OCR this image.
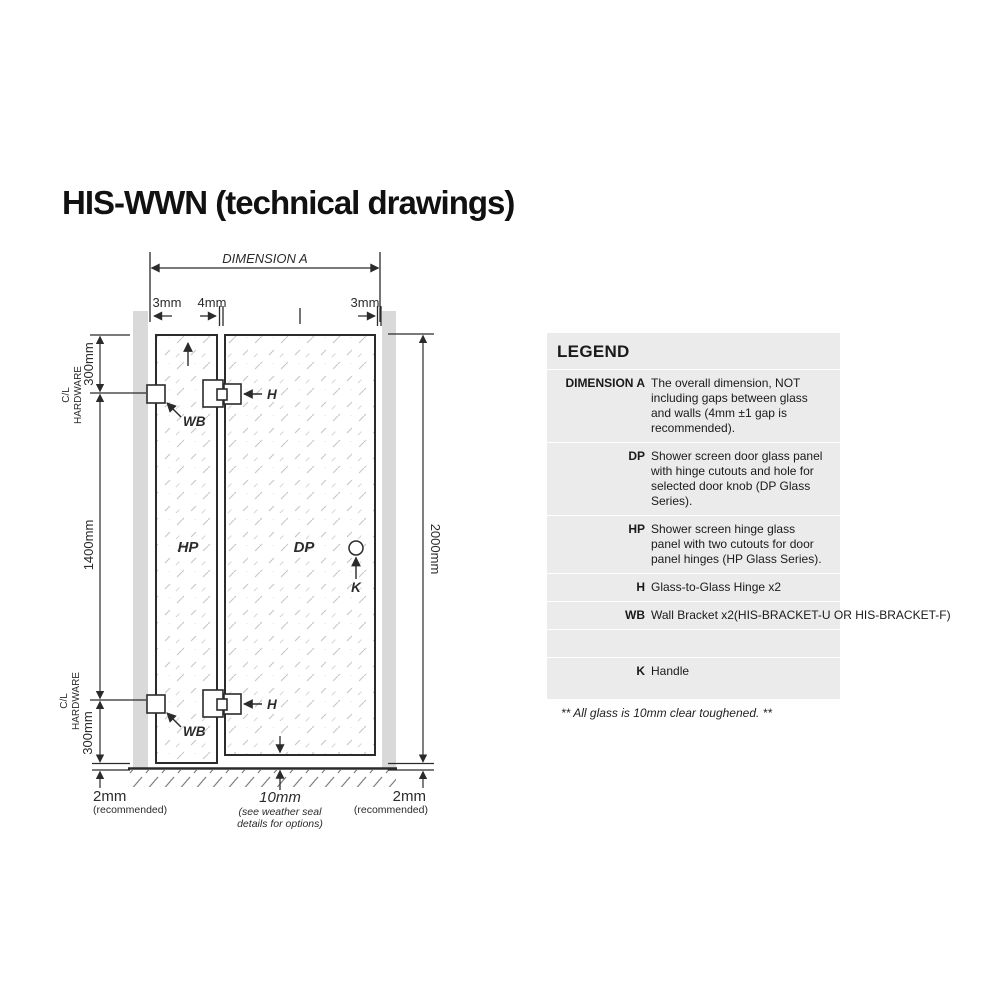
HIS-WWN (technical drawings)
DIMENSION A
3mm 4mm	3mm
300mm
C/L HARDWARE
1400mm
C/L HARDWARE
300mm
2mm
(recommended)
2000mm
2mm
(recommended)
10mm
(see weather seal
details for options)
HP	DP
K
H
H
WB
WB
LEGEND
DIMENSION A The overall dimension, NOT including gaps between glass and walls (4mm ±1 gap is recommended).
DP Shower screen door glass panel with hinge cutouts and hole for selected door knob (DP Glass Series).
HP Shower screen hinge glass panel with two cutouts for door panel hinges (HP Glass Series).
H Glass-to-Glass Hinge x2
WB Wall Bracket x2(HIS-BRACKET-U OR HIS-BRACKET-F)
K Handle
** All glass is 10mm clear toughened. **
